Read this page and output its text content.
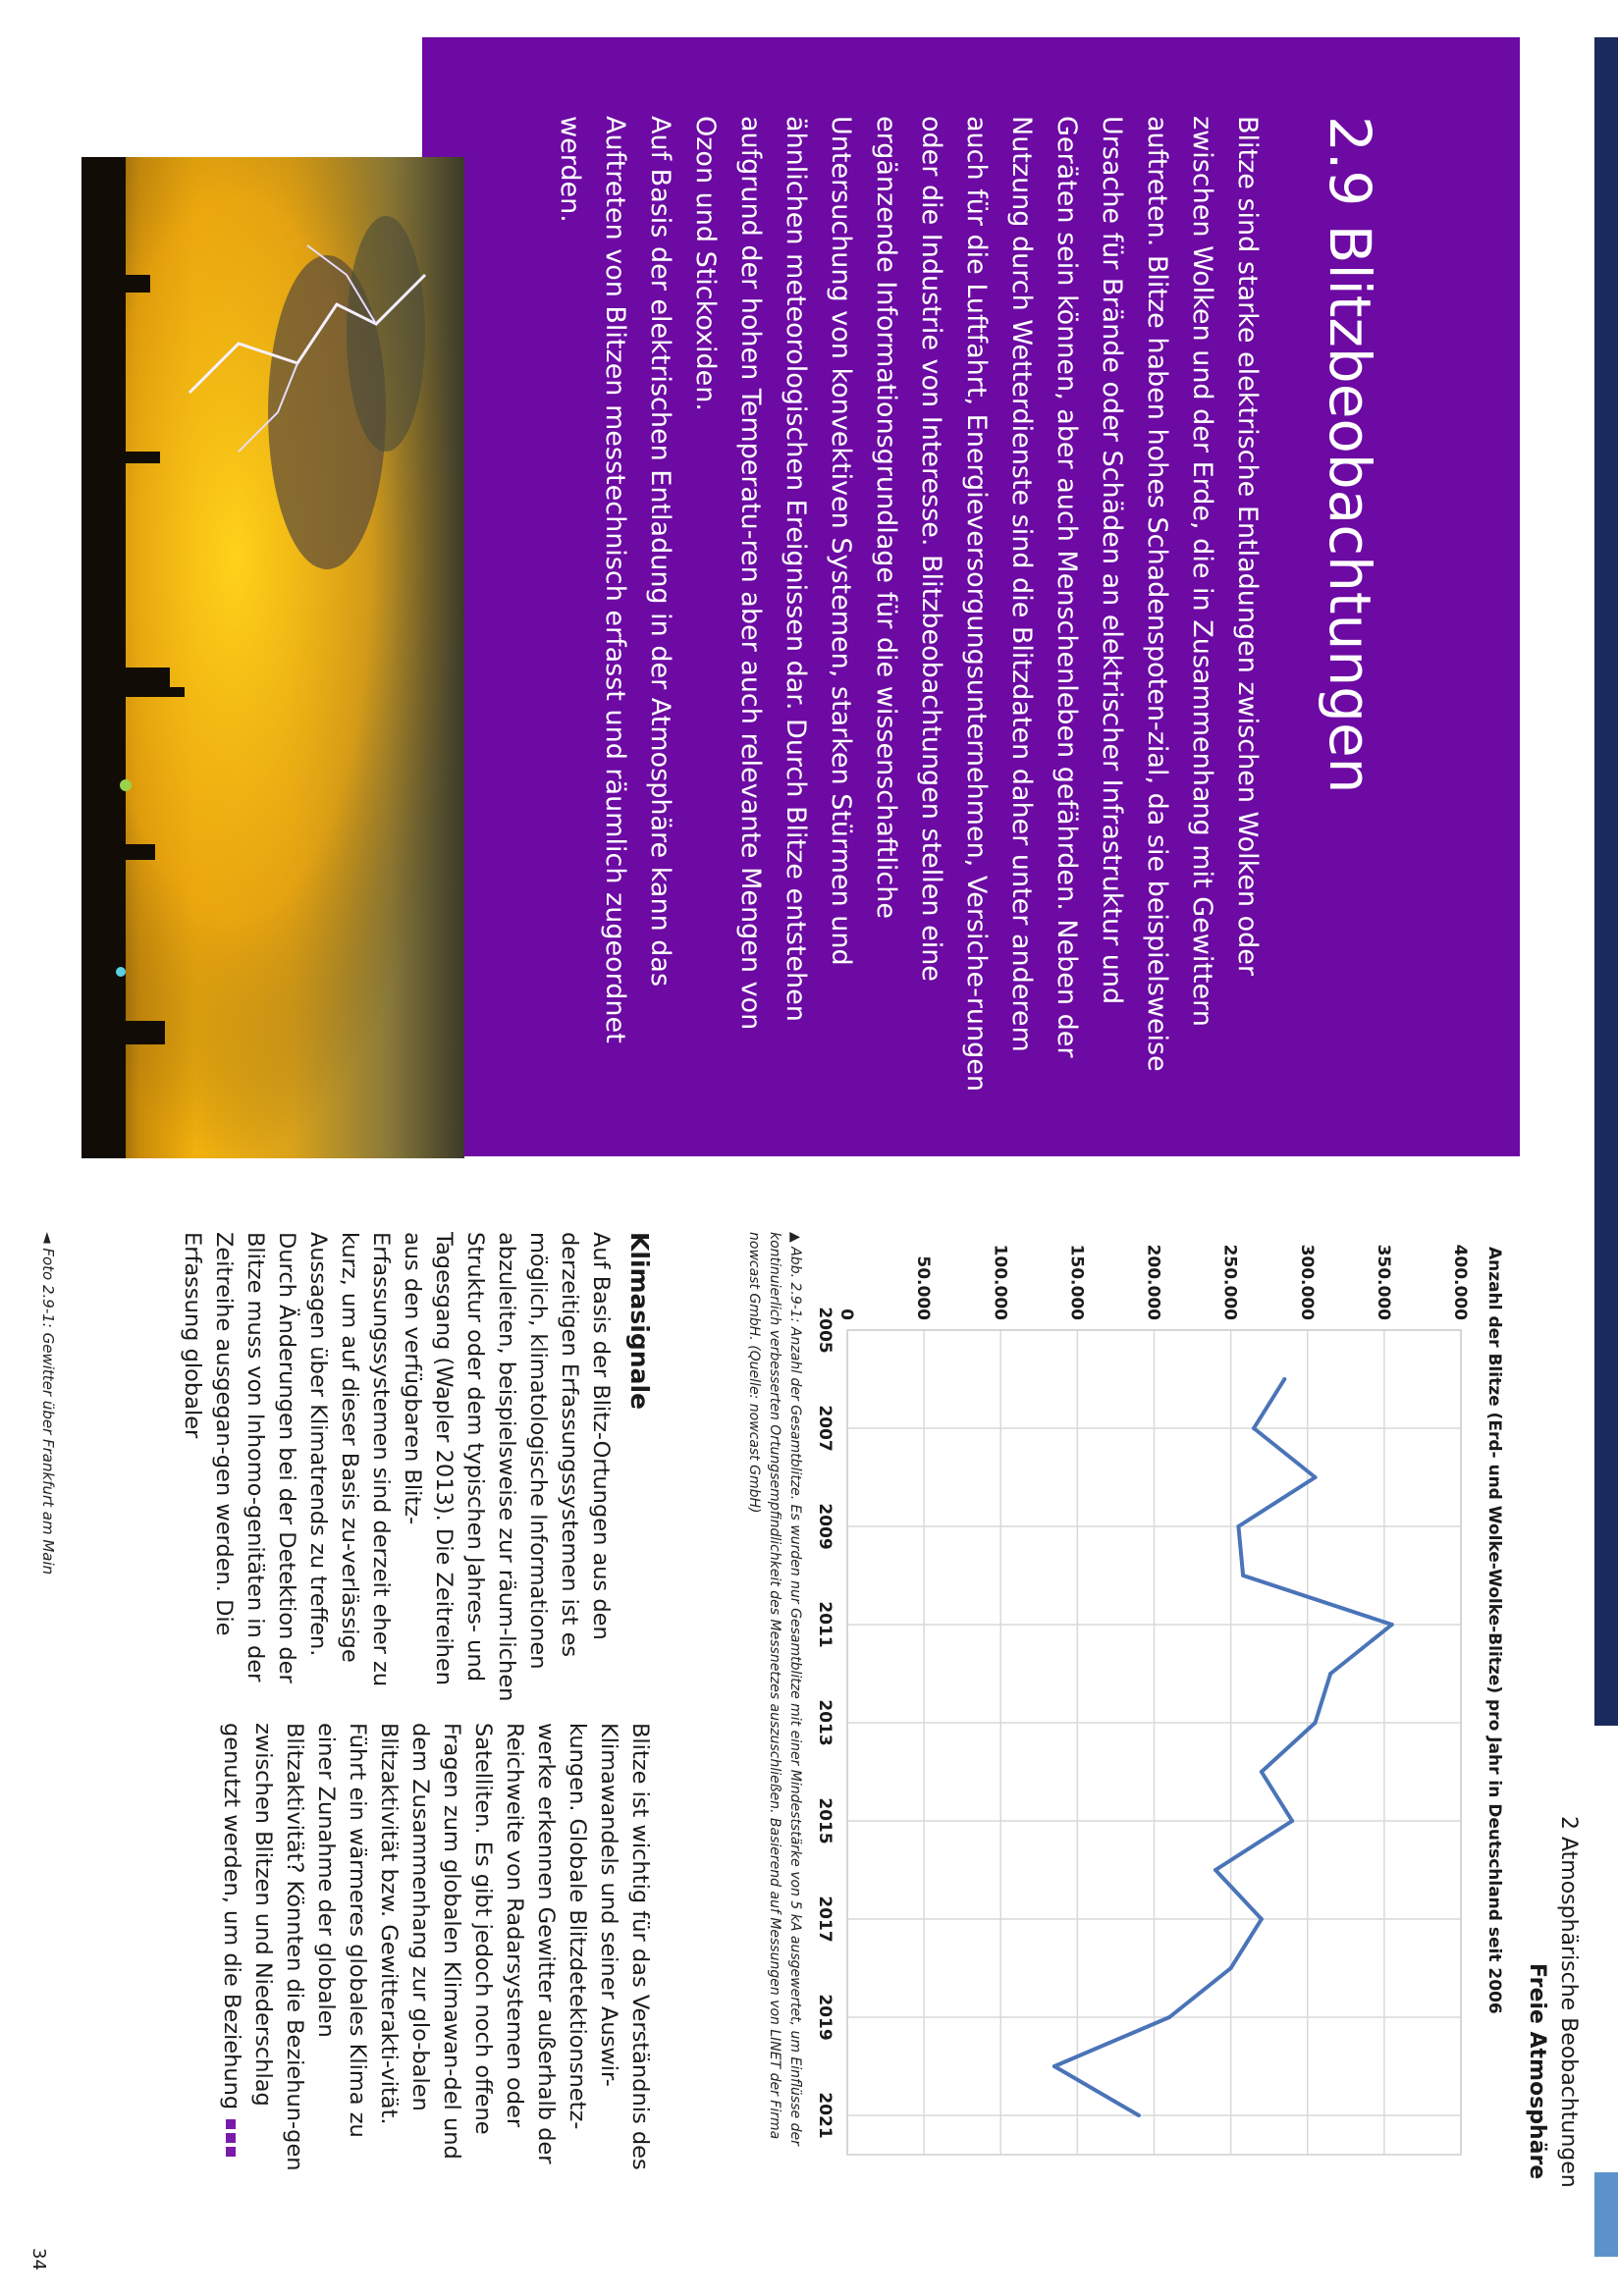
2 Atmosphärische Beobachtungen
Freie Atmosphäre
2.9 Blitzbeobachtungen

Blitze sind starke elektrische Entladungen zwischen Wolken oder zwischen Wolken und der Erde, die in Zusammenhang mit Gewittern auftreten. Blitze haben hohes Schadenspoten-zial, da sie beispielsweise Ursache für Brände oder Schäden an elektrischer Infrastruktur und Geräten sein können, aber auch Menschenleben gefährden. Neben der Nutzung durch Wetterdienste sind die Blitzdaten daher unter anderem auch für die Luftfahrt, Energieversorgungsunternehmen, Versiche-rungen oder die Industrie von Interesse. Blitzbeobachtungen stellen eine ergänzende Informationsgrundlage für die wissenschaftliche Untersuchung von konvektiven Systemen, starken Stürmen und ähnlichen meteorologischen Ereignissen dar. Durch Blitze entstehen aufgrund der hohen Temperatu-ren aber auch relevante Mengen von Ozon und Stickoxiden.

Auf Basis der elektrischen Entladung in der Atmosphäre kann das Auftreten von Blitzen messtechnisch erfasst und räumlich zugeordnet werden.

Anzahl der Blitze (Erd- und Wolke-Wolke-Blitze) pro Jahr in Deutschland seit 2006
0	50.000	100.000	150.000	200.000	250.000	300.000	350.000	400.000
2005
2007
2009
2011
2013
2015
2017
2019
2021
▲ Abb. 2.9-1: Anzahl der Gesamtblitze. Es wurden nur Gesamtblitze mit einer Mindeststärke von 5 kA ausgewertet, um Einflüsse der kontinuierlich verbesserten Ortungsempfindlichkeit des Messnetzes auszuschließen. Basierend auf Messungen von LINET der Firma nowcast GmbH. (Quelle: nowcast GmbH)
Klimasignale
Auf Basis der Blitz-Ortungen aus den derzeitigen Erfassungssystemen ist es möglich, klimatologische Informationen abzuleiten, beispielsweise zur räum-lichen Struktur oder dem typischen Jahres- und Tagesgang (Wapler 2013). Die Zeitreihen aus den verfügbaren Blitz-Erfassungssystemen sind derzeit eher zu kurz, um auf dieser Basis zu-verlässige Aussagen über Klimatrends zu treffen. Durch Änderungen bei der Detektion der Blitze muss von Inhomo-genitäten in der Zeitreihe ausgegan-gen werden. Die Erfassung globaler
Blitze ist wichtig für das Verständnis des Klimawandels und seiner Auswir-kungen. Globale Blitzdetektionsnetz-werke erkennen Gewitter außerhalb der Reichweite von Radarsystemen oder Satelliten. Es gibt jedoch noch offene Fragen zum globalen Klimawan-del und dem Zusammenhang zur glo-balen Blitzaktivität bzw. Gewitterakti-vität. Führt ein wärmeres globales Klima zu einer Zunahme der globalen Blitzaktivität? Könnten die Beziehun-gen zwischen Blitzen und Niederschlag genutzt werden, um die Beziehung
◄ Foto 2.9-1: Gewitter über Frankfurt am Main
34
